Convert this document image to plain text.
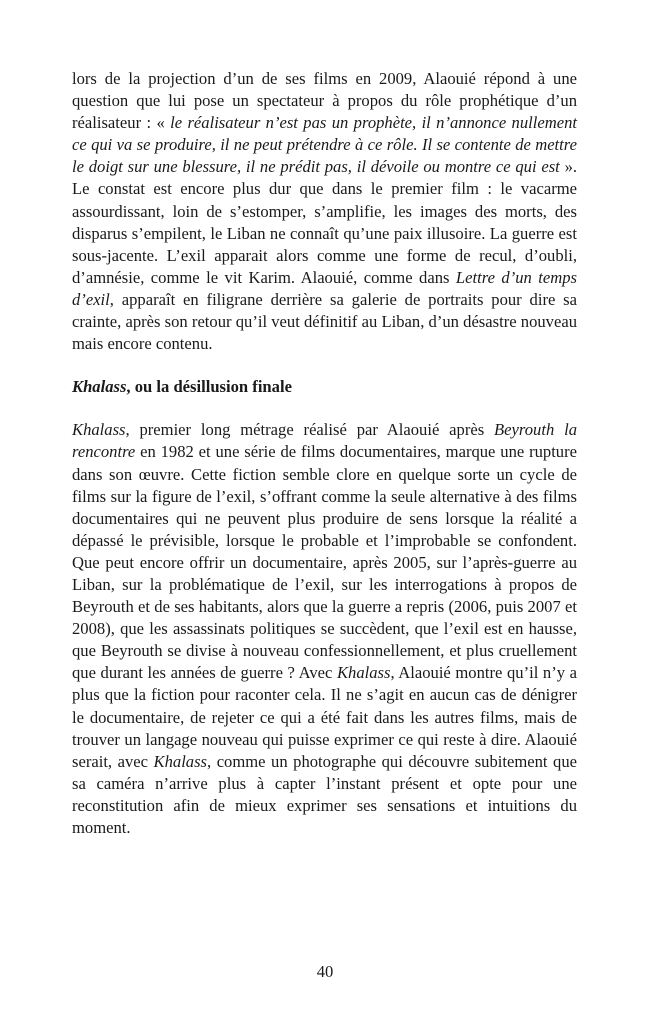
lors de la projection d’un de ses films en 2009, Alaouié répond à une question que lui pose un spectateur à propos du rôle prophétique d’un réalisateur : « le réalisateur n’est pas un prophète, il n’annonce nullement ce qui va se produire, il ne peut prétendre à ce rôle. Il se contente de mettre le doigt sur une blessure, il ne prédit pas, il dévoile ou montre ce qui est ». Le constat est encore plus dur que dans le premier film : le vacarme assourdissant, loin de s’estomper, s’amplifie, les images des morts, des disparus s’empilent, le Liban ne connaît qu’une paix illusoire. La guerre est sous-jacente. L’exil apparait alors comme une forme de recul, d’oubli, d’amnésie, comme le vit Karim. Alaouié, comme dans Lettre d’un temps d’exil, apparaît en filigrane derrière sa galerie de portraits pour dire sa crainte, après son retour qu’il veut définitif au Liban, d’un désastre nouveau mais encore contenu.

Khalass, ou la désillusion finale

Khalass, premier long métrage réalisé par Alaouié après Beyrouth la rencontre en 1982 et une série de films documentaires, marque une rupture dans son œuvre. Cette fiction semble clore en quelque sorte un cycle de films sur la figure de l’exil, s’offrant comme la seule alternative à des films documentaires qui ne peuvent plus produire de sens lorsque la réalité a dépassé le prévisible, lorsque le probable et l’improbable se confondent. Que peut encore offrir un documentaire, après 2005, sur l’après-guerre au Liban, sur la problématique de l’exil, sur les interrogations à propos de Beyrouth et de ses habitants, alors que la guerre a repris (2006, puis 2007 et 2008), que les assassinats politiques se succèdent, que l’exil est en hausse, que Beyrouth se divise à nouveau confessionnellement, et plus cruellement que durant les années de guerre ? Avec Khalass, Alaouié montre qu’il n’y a plus que la fiction pour raconter cela. Il ne s’agit en aucun cas de dénigrer le documentaire, de rejeter ce qui a été fait dans les autres films, mais de trouver un langage nouveau qui puisse exprimer ce qui reste à dire. Alaouié serait, avec Khalass, comme un photographe qui découvre subitement que sa caméra n’arrive plus à capter l’instant présent et opte pour une reconstitution afin de mieux exprimer ses sensations et intuitions du moment.

40
